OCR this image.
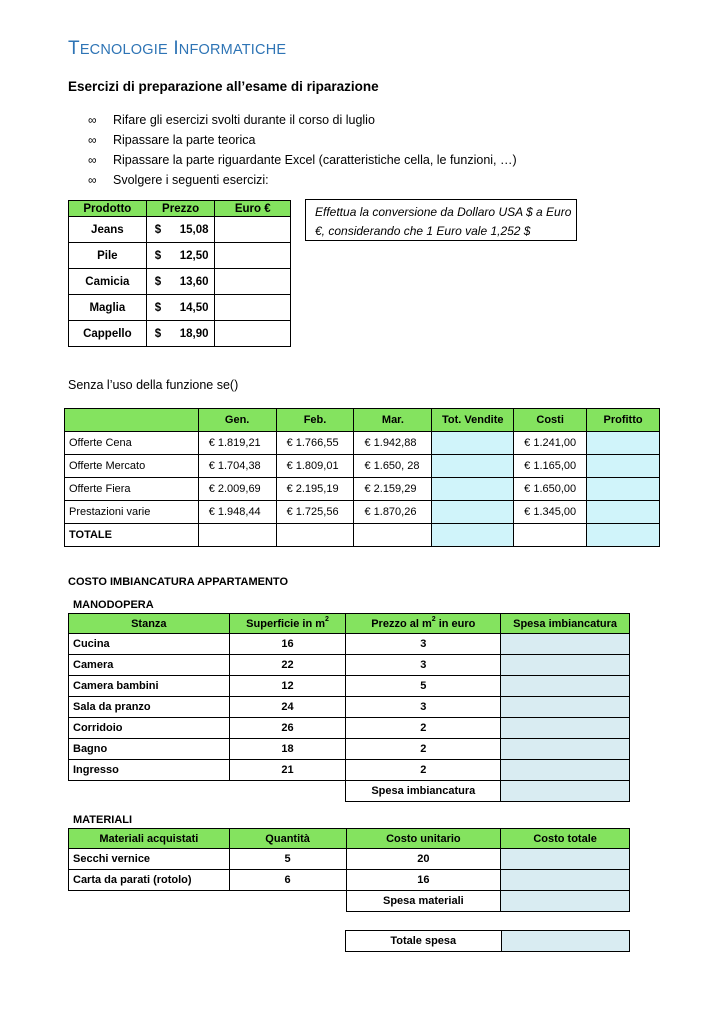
TECNOLOGIE INFORMATICHE
Esercizi di preparazione all’esame di riparazione
∞ Rifare gli esercizi svolti durante il corso di luglio
∞ Ripassare la parte teorica
∞ Ripassare la parte riguardante Excel (caratteristiche cella, le funzioni, …)
∞ Svolgere i seguenti esercizi:
Prodotto	Prezzo		Euro €
Jeans	$	15,08	
Pile	$	12,50	
Camicia	$	13,60	
Maglia	$	14,50	
Cappello	$	18,90	
Effettua la conversione da Dollaro USA $ a Euro €, considerando che 1 Euro vale 1,252 $
Senza l’uso della funzione se()
	Gen.	Feb.	Mar.	Tot. Vendite	Costi	Profitto
Offerte Cena	€ 1.819,21	€ 1.766,55	€ 1.942,88		€ 1.241,00	
Offerte Mercato	€ 1.704,38	€ 1.809,01	€ 1.650, 28		€ 1.165,00	
Offerte Fiera	€ 2.009,69	€ 2.195,19	€ 2.159,29		€ 1.650,00	
Prestazioni varie	€ 1.948,44	€ 1.725,56	€ 1.870,26		€ 1.345,00	
TOTALE						
COSTO IMBIANCATURA APPARTAMENTO
MANODOPERA
Stanza	Superficie in $m^2$	Prezzo al $m^2$ in euro	Spesa imbiancatura
Cucina	16	3	
Camera	22	3	
Camera bambini	12	5	
Sala da pranzo	24	3	
Corridoio	26	2	
Bagno	18	2	
Ingresso	21	2	
		Spesa imbiancatura	
MATERIALI
Materiali acquistati	Quantità	Costo unitario	Costo totale
Secchi vernice	5	20	
Carta da parati (rotolo)	6	16	
		Spesa materiali	
Totale spesa	
